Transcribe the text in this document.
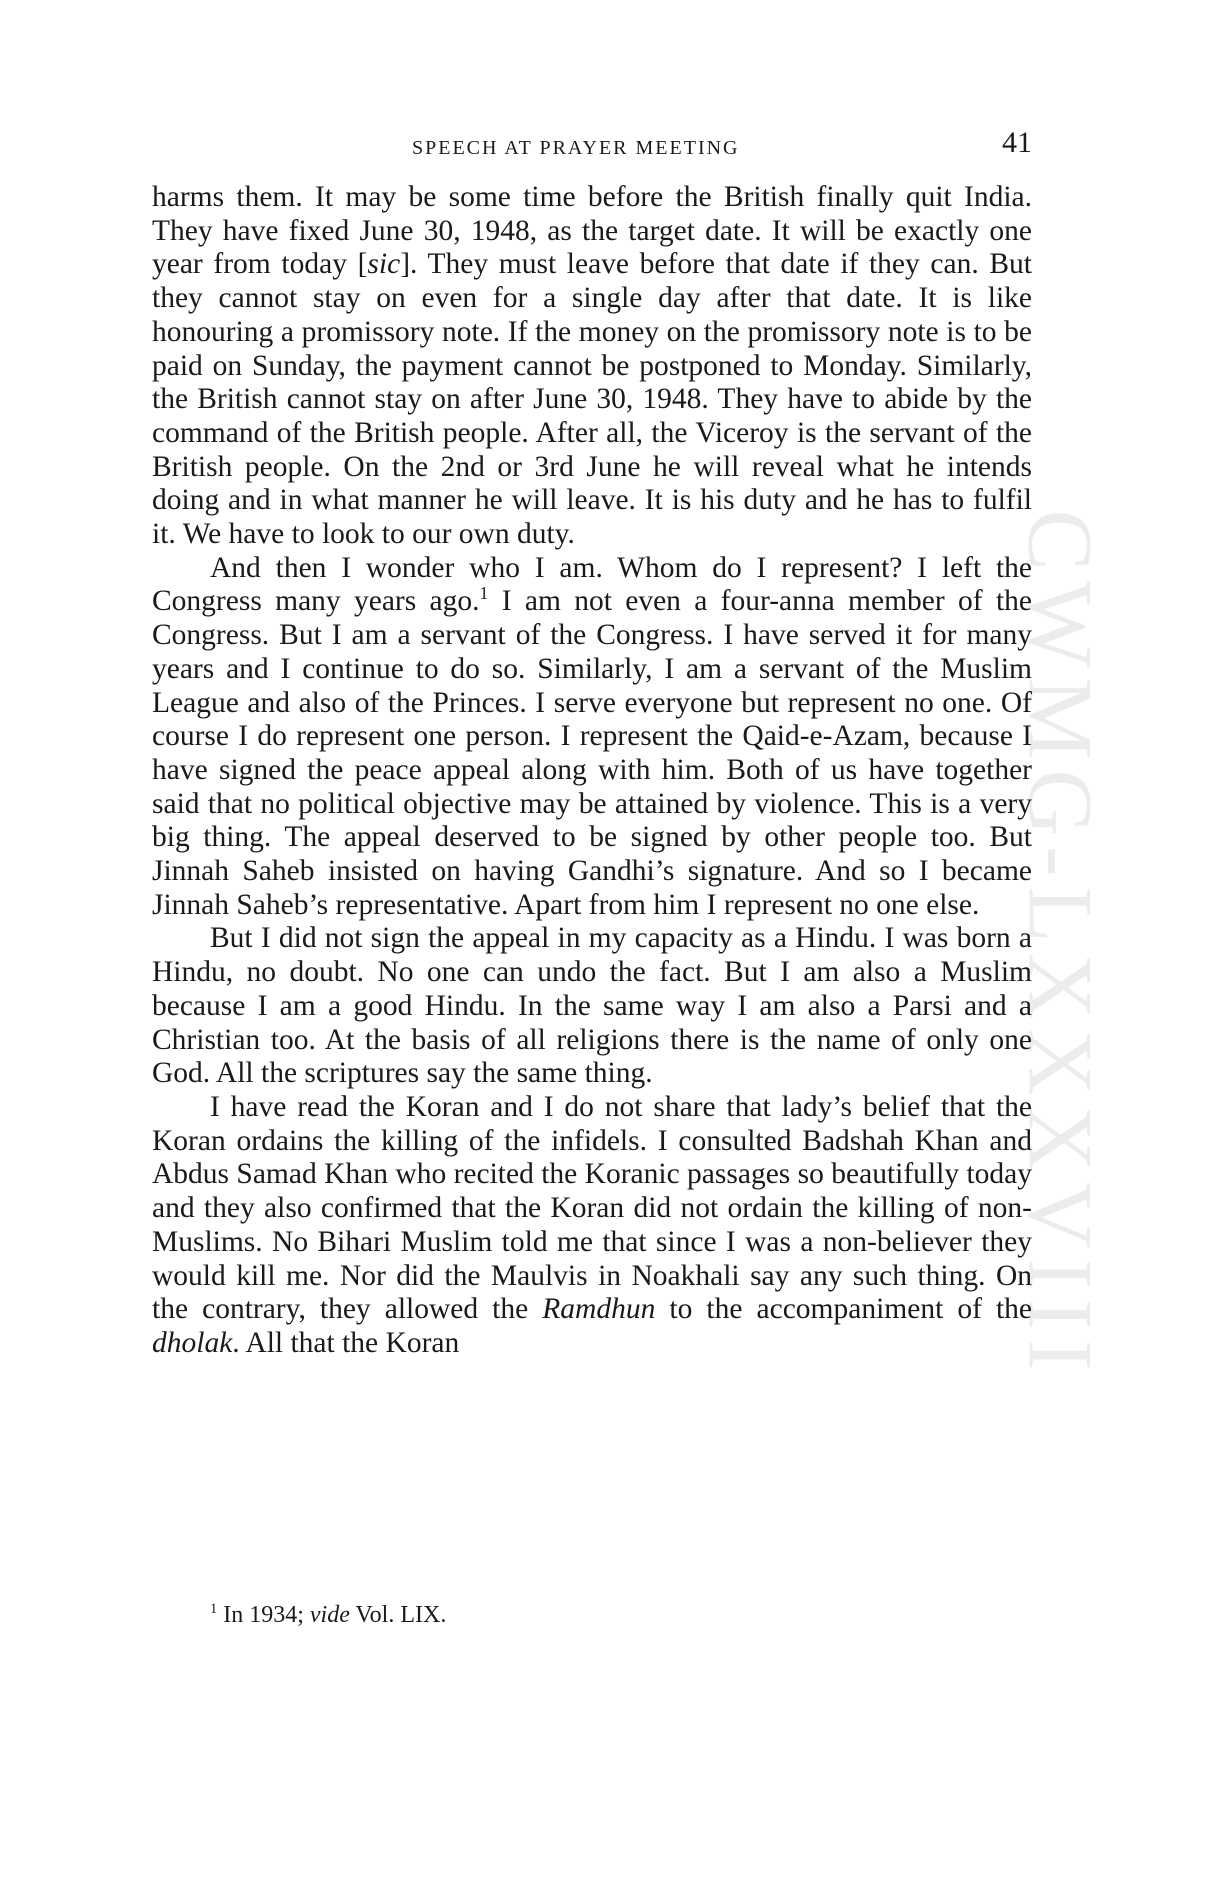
CWMG-LXXXVIII
SPEECH AT PRAYER MEETING	41

harms them. It may be some time before the British finally quit India. They have fixed June 30, 1948, as the target date. It will be exactly one year from today [sic]. They must leave before that date if they can. But they cannot stay on even for a single day after that date. It is like honouring a promissory note. If the money on the promissory note is to be paid on Sunday, the payment cannot be postponed to Monday. Similarly, the British cannot stay on after June 30, 1948. They have to abide by the command of the British people. After all, the Viceroy is the servant of the British people. On the 2nd or 3rd June he will reveal what he intends doing and in what manner he will leave. It is his duty and he has to fulfil it. We have to look to our own duty.

And then I wonder who I am. Whom do I represent? I left the Congress many years ago.$^1$ I am not even a four-anna member of the Congress. But I am a servant of the Congress. I have served it for many years and I continue to do so. Similarly, I am a servant of the Muslim League and also of the Princes. I serve everyone but represent no one. Of course I do represent one person. I represent the Qaid-e-Azam, because I have signed the peace appeal along with him. Both of us have together said that no political objective may be attained by violence. This is a very big thing. The appeal deserved to be signed by other people too. But Jinnah Saheb insisted on having Gandhi’s signature. And so I became Jinnah Saheb’s representative. Apart from him I represent no one else.

But I did not sign the appeal in my capacity as a Hindu. I was born a Hindu, no doubt. No one can undo the fact. But I am also a Muslim because I am a good Hindu. In the same way I am also a Parsi and a Christian too. At the basis of all religions there is the name of only one God. All the scriptures say the same thing.

I have read the Koran and I do not share that lady’s belief that the Koran ordains the killing of the infidels. I consulted Badshah Khan and Abdus Samad Khan who recited the Koranic passages so beautifully today and they also confirmed that the Koran did not ordain the killing of non-Muslims. No Bihari Muslim told me that since I was a non-believer they would kill me. Nor did the Maulvis in Noakhali say any such thing. On the contrary, they allowed the Ramdhun to the accompaniment of the dholak. All that the Koran

$^1$ In 1934; vide Vol. LIX.
